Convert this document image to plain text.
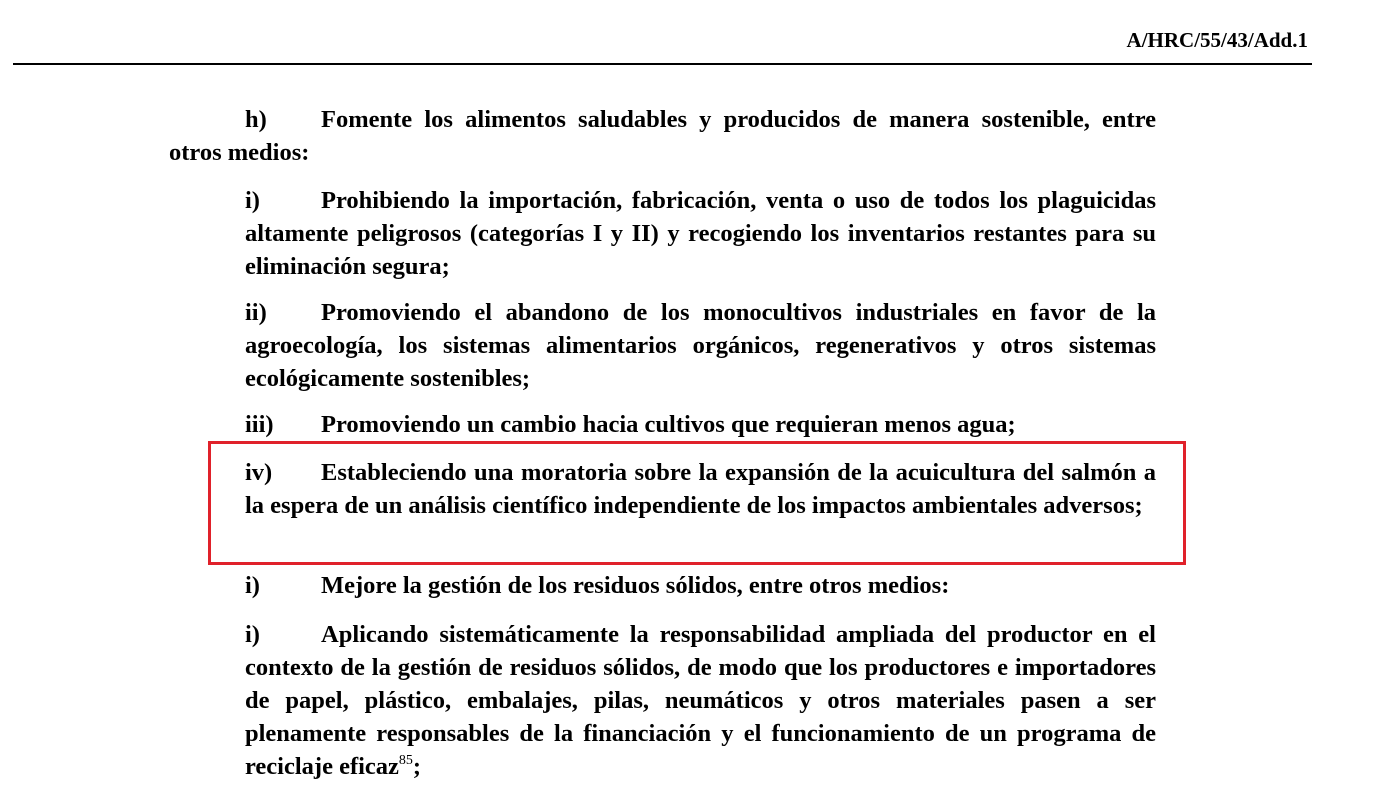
A/HRC/55/43/Add.1

h) Fomente los alimentos saludables y producidos de manera sostenible, entre otros medios:

i) Prohibiendo la importación, fabricación, venta o uso de todos los plaguicidas altamente peligrosos (categorías I y II) y recogiendo los inventarios restantes para su eliminación segura;

ii) Promoviendo el abandono de los monocultivos industriales en favor de la agroecología, los sistemas alimentarios orgánicos, regenerativos y otros sistemas ecológicamente sostenibles;

iii) Promoviendo un cambio hacia cultivos que requieran menos agua;

iv) Estableciendo una moratoria sobre la expansión de la acuicultura del salmón a la espera de un análisis científico independiente de los impactos ambientales adversos;

i) Mejore la gestión de los residuos sólidos, entre otros medios:

i) Aplicando sistemáticamente la responsabilidad ampliada del productor en el contexto de la gestión de residuos sólidos, de modo que los productores e importadores de papel, plástico, embalajes, pilas, neumáticos y otros materiales pasen a ser plenamente responsables de la financiación y el funcionamiento de un programa de reciclaje eficaz$^{85}$;
